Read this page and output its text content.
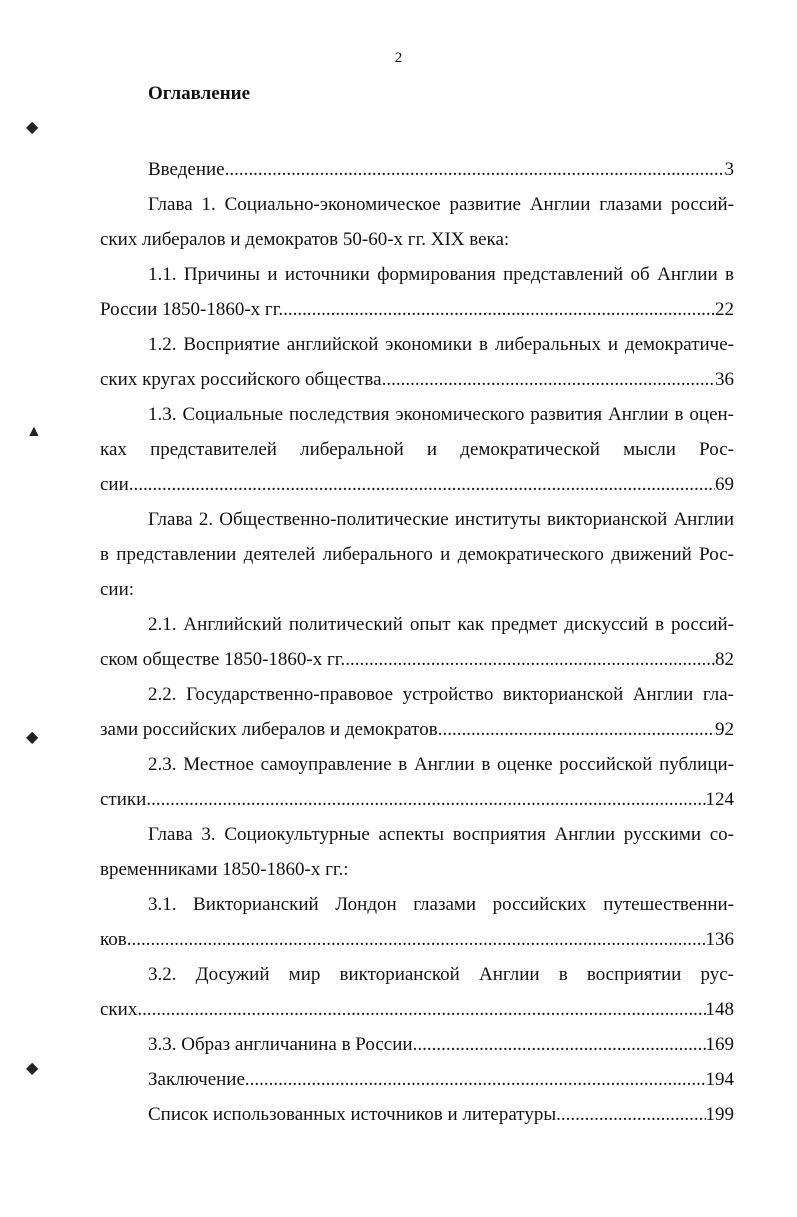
2
Оглавление
◆
▲
◆
◆
Введение .....	3
Глава 1. Социально-экономическое развитие Англии глазами россий-
ских либералов и демократов 50-60-х гг. XIX века:
1.1. Причины и источники формирования представлений об Англии в
России 1850-1860-х гг. .....	22
1.2. Восприятие английской экономики в либеральных и демократиче-
ских кругах российского общества. .....	36
1.3. Социальные последствия экономического развития Англии в оцен-
ках представителей либеральной и демократической мысли Рос-
сии .....	69
Глава 2. Общественно-политические институты викторианской Англии
в представлении деятелей либерального и демократического движений Рос-
сии:
2.1. Английский политический опыт как предмет дискуссий в россий-
ском обществе 1850-1860-х гг. .....	82
2.2. Государственно-правовое устройство викторианской Англии гла-
зами российских либералов и демократов .....	92
2.3. Местное самоуправление в Англии в оценке российской публици-
стики .....	124
Глава 3. Социокультурные аспекты восприятия Англии русскими со-
временниками 1850-1860-х гг.:
3.1. Викторианский Лондон глазами российских путешественни-
ков .....	136
3.2. Досужий мир викторианской Англии в восприятии рус-
ских .....	148
3.3. Образ англичанина в России .....	169
Заключение .....	194
Список использованных источников и литературы .....	199
